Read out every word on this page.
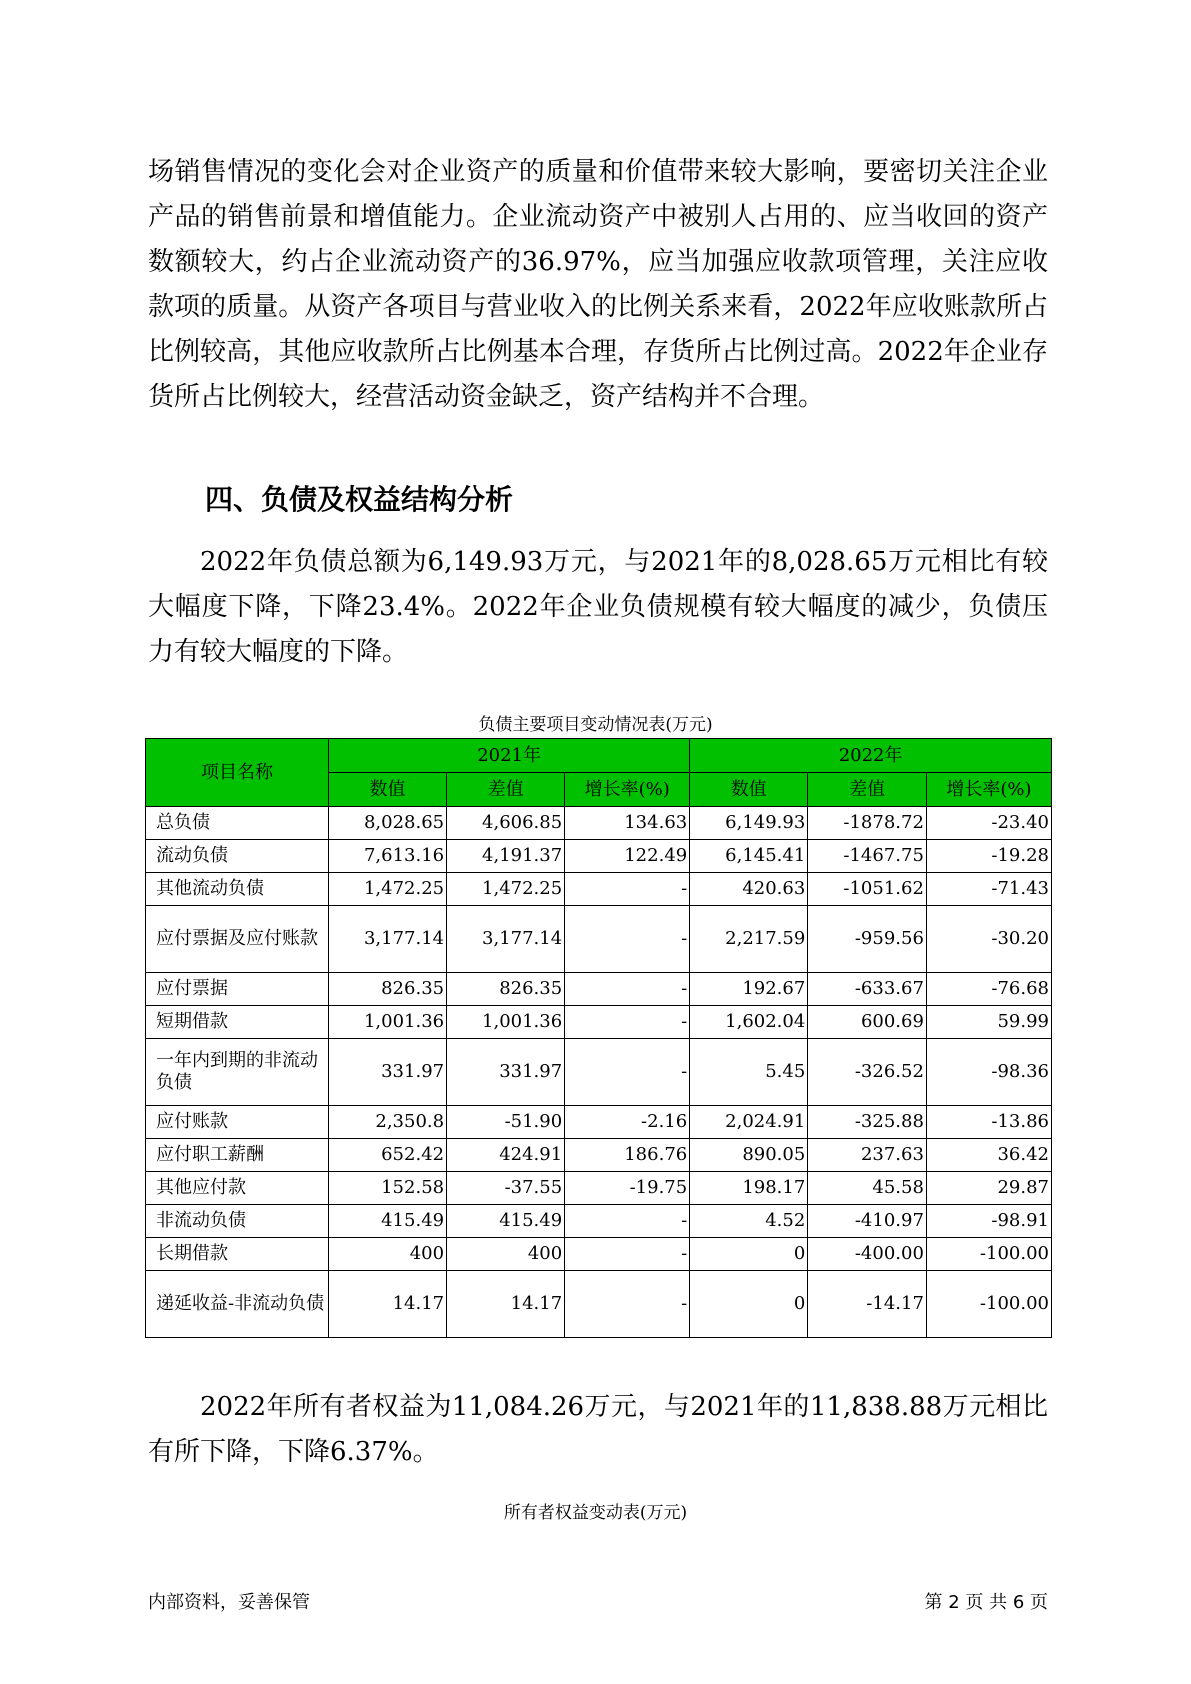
场销售情况的变化会对企业资产的质量和价值带来较大影响，要密切关注企业产品的销售前景和增值能力。企业流动资产中被别人占用的、应当收回的资产数额较大，约占企业流动资产的36.97%，应当加强应收款项管理，关注应收款项的质量。从资产各项目与营业收入的比例关系来看，2022年应收账款所占比例较高，其他应收款所占比例基本合理，存货所占比例过高。2022年企业存货所占比例较大，经营活动资金缺乏，资产结构并不合理。

四、负债及权益结构分析

2022年负债总额为6,149.93万元，与2021年的8,028.65万元相比有较大幅度下降，下降23.4%。2022年企业负债规模有较大幅度的减少，负债压力有较大幅度的下降。

负债主要项目变动情况表(万元)

项目名称	2021年			2022年		
	数值	差值	增长率(%)	数值	差值	增长率(%)
总负债	8,028.65	4,606.85	134.63	6,149.93	-1878.72	-23.40
流动负债	7,613.16	4,191.37	122.49	6,145.41	-1467.75	-19.28
其他流动负债	1,472.25	1,472.25	-	420.63	-1051.62	-71.43
应付票据及应付账款	3,177.14	3,177.14	-	2,217.59	-959.56	-30.20
应付票据	826.35	826.35	-	192.67	-633.67	-76.68
短期借款	1,001.36	1,001.36	-	1,602.04	600.69	59.99
一年内到期的非流动负债	331.97	331.97	-	5.45	-326.52	-98.36
应付账款	2,350.8	-51.90	-2.16	2,024.91	-325.88	-13.86
应付职工薪酬	652.42	424.91	186.76	890.05	237.63	36.42
其他应付款	152.58	-37.55	-19.75	198.17	45.58	29.87
非流动负债	415.49	415.49	-	4.52	-410.97	-98.91
长期借款	400	400	-	0	-400.00	-100.00
递延收益-非流动负债	14.17	14.17	-	0	-14.17	-100.00

2022年所有者权益为11,084.26万元，与2021年的11,838.88万元相比有所下降，下降6.37%。

所有者权益变动表(万元)

内部资料，妥善保管	第 2 页 共 6 页
